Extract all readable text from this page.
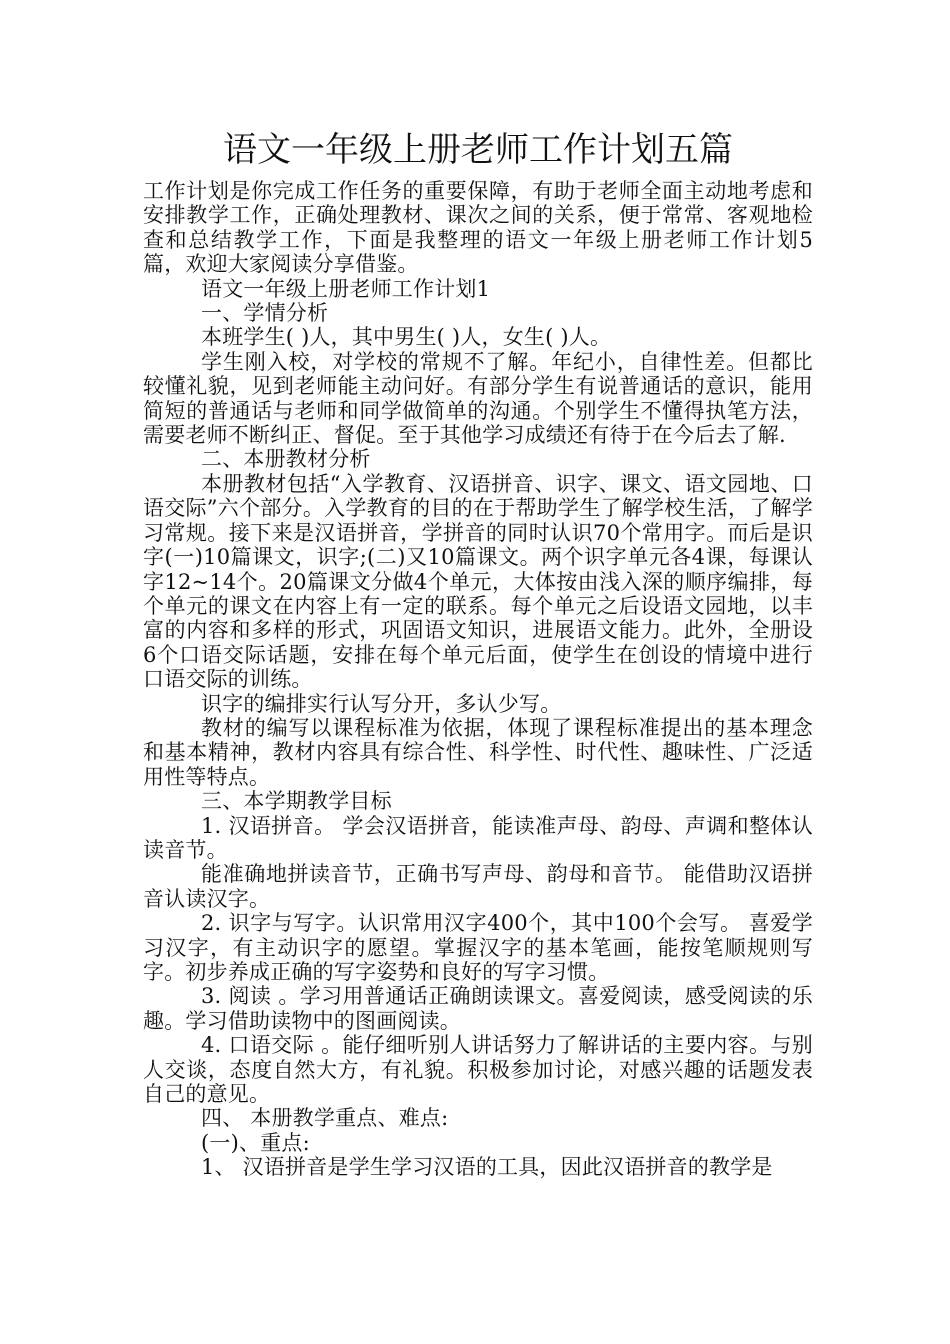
语文一年级上册老师工作计划五篇

工作计划是你完成工作任务的重要保障，有助于老师全面主动地考虑和安排教学工作，正确处理教材、课次之间的关系，便于常常、客观地检查和总结教学工作，下面是我整理的语文一年级上册老师工作计划5篇，欢迎大家阅读分享借鉴。

语文一年级上册老师工作计划1

一、学情分析

本班学生( )人，其中男生( )人，女生( )人。

学生刚入校，对学校的常规不了解。年纪小，自律性差。但都比较懂礼貌，见到老师能主动问好。有部分学生有说普通话的意识，能用简短的普通话与老师和同学做简单的沟通。个别学生不懂得执笔方法，需要老师不断纠正、督促。至于其他学习成绩还有待于在今后去了解.

二、本册教材分析

本册教材包括“入学教育、汉语拼音、识字、课文、语文园地、口语交际”六个部分。入学教育的目的在于帮助学生了解学校生活，了解学习常规。接下来是汉语拼音，学拼音的同时认识70个常用字。而后是识字(一)10篇课文，识字;(二)又10篇课文。两个识字单元各4课，每课认字12~14个。20篇课文分做4个单元，大体按由浅入深的顺序编排，每个单元的课文在内容上有一定的联系。每个单元之后设语文园地，以丰富的内容和多样的形式，巩固语文知识，进展语文能力。此外，全册设6个口语交际话题，安排在每个单元后面，使学生在创设的情境中进行口语交际的训练。

识字的编排实行认写分开，多认少写。

教材的编写以课程标准为依据，体现了课程标准提出的基本理念和基本精神，教材内容具有综合性、科学性、时代性、趣味性、广泛适用性等特点。

三、本学期教学目标

1. 汉语拼音。 学会汉语拼音，能读准声母、韵母、声调和整体认读音节。

能准确地拼读音节，正确书写声母、韵母和音节。 能借助汉语拼音认读汉字。

2. 识字与写字。认识常用汉字400个，其中100个会写。 喜爱学习汉字，有主动识字的愿望。掌握汉字的基本笔画，能按笔顺规则写字。初步养成正确的写字姿势和良好的写字习惯。

3. 阅读 。学习用普通话正确朗读课文。喜爱阅读，感受阅读的乐趣。学习借助读物中的图画阅读。

4. 口语交际 。能仔细听别人讲话努力了解讲话的主要内容。与别人交谈，态度自然大方，有礼貌。积极参加讨论，对感兴趣的话题发表自己的意见。

四、 本册教学重点、难点:

(一)、重点:

1、 汉语拼音是学生学习汉语的工具，因此汉语拼音的教学是
